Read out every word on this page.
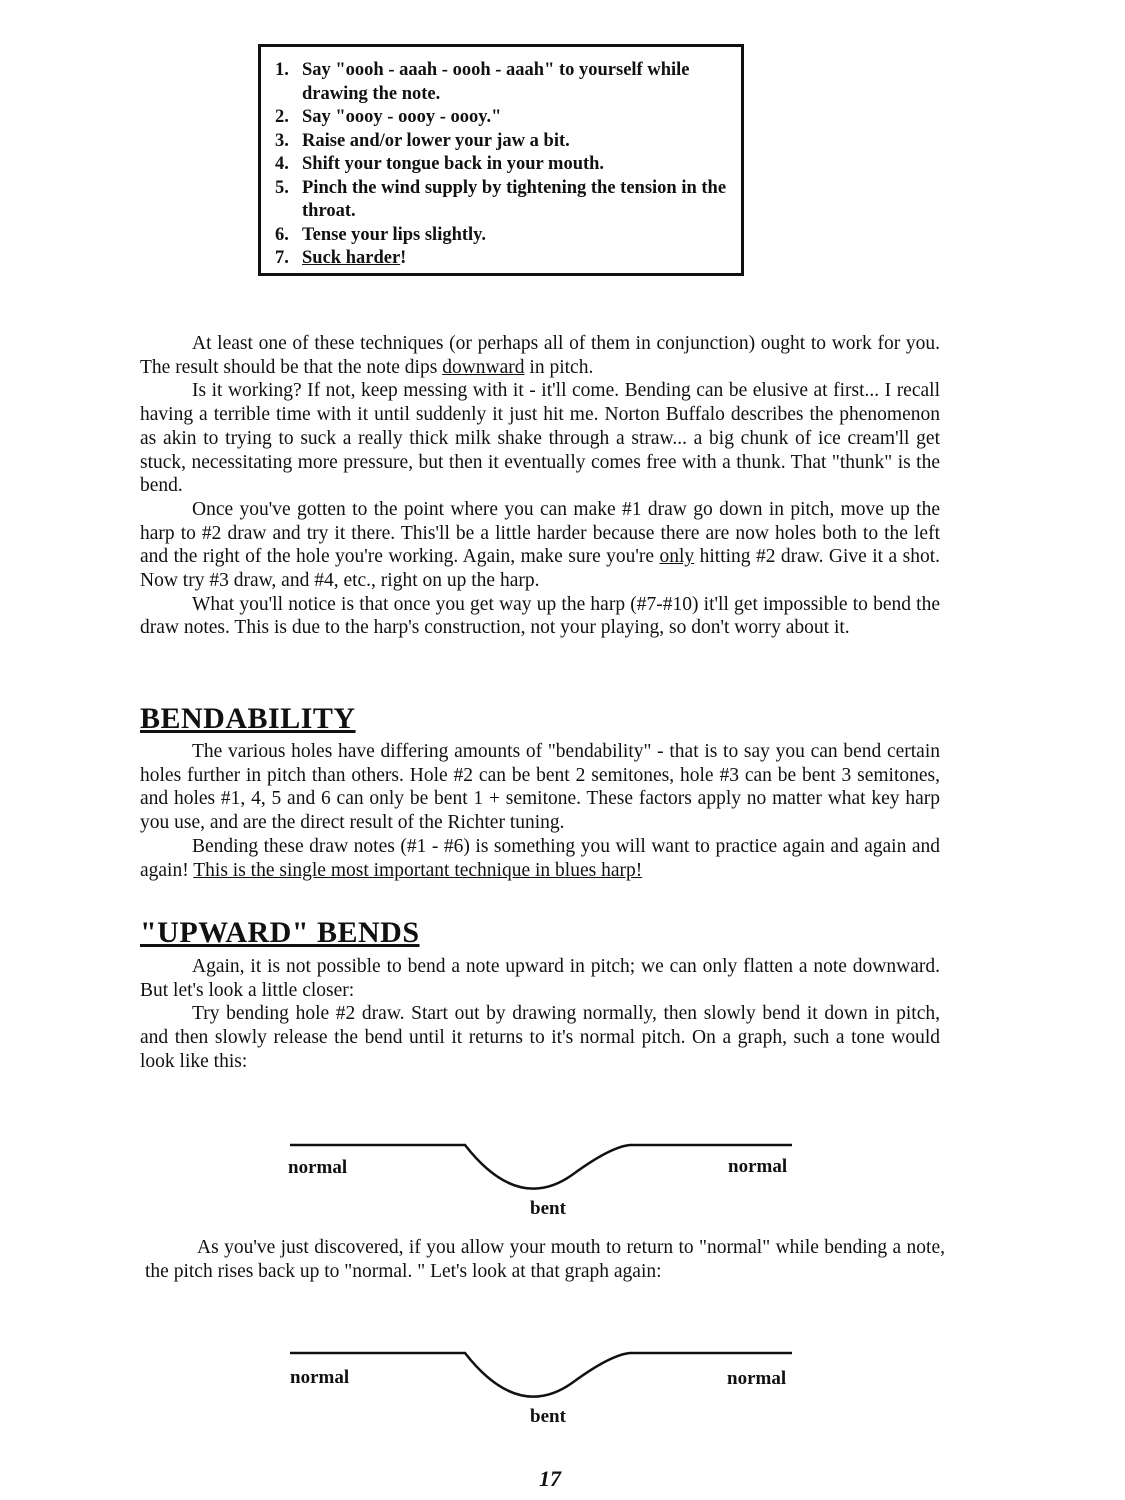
1. Say "oooh - aaah - oooh - aaah" to yourself while drawing the note.
2. Say "oooy - oooy - oooy."
3. Raise and/or lower your jaw a bit.
4. Shift your tongue back in your mouth.
5. Pinch the wind supply by tightening the tension in the throat.
6. Tense your lips slightly.
7. Suck harder!

At least one of these techniques (or perhaps all of them in conjunction) ought to work for you. The result should be that the note dips downward in pitch.

Is it working? If not, keep messing with it - it'll come. Bending can be elusive at first... I recall having a terrible time with it until suddenly it just hit me. Norton Buffalo describes the phenomenon as akin to trying to suck a really thick milk shake through a straw... a big chunk of ice cream'll get stuck, necessitating more pressure, but then it eventually comes free with a thunk. That "thunk" is the bend.

Once you've gotten to the point where you can make #1 draw go down in pitch, move up the harp to #2 draw and try it there. This'll be a little harder because there are now holes both to the left and the right of the hole you're working. Again, make sure you're only hitting #2 draw. Give it a shot. Now try #3 draw, and #4, etc., right on up the harp.

What you'll notice is that once you get way up the harp (#7-#10) it'll get impossible to bend the draw notes. This is due to the harp's construction, not your playing, so don't worry about it.

BENDABILITY

The various holes have differing amounts of "bendability" - that is to say you can bend certain holes further in pitch than others. Hole #2 can be bent 2 semitones, hole #3 can be bent 3 semitones, and holes #1, 4, 5 and 6 can only be bent 1 + semitone. These factors apply no matter what key harp you use, and are the direct result of the Richter tuning.

Bending these draw notes (#1 - #6) is something you will want to practice again and again and again! This is the single most important technique in blues harp!

"UPWARD" BENDS

Again, it is not possible to bend a note upward in pitch; we can only flatten a note downward. But let's look a little closer:

Try bending hole #2 draw. Start out by drawing normally, then slowly bend it down in pitch, and then slowly release the bend until it returns to it's normal pitch. On a graph, such a tone would look like this:

normal	normal
bent

As you've just discovered, if you allow your mouth to return to "normal" while bending a note, the pitch rises back up to "normal. " Let's look at that graph again:

normal	normal
bent
17
